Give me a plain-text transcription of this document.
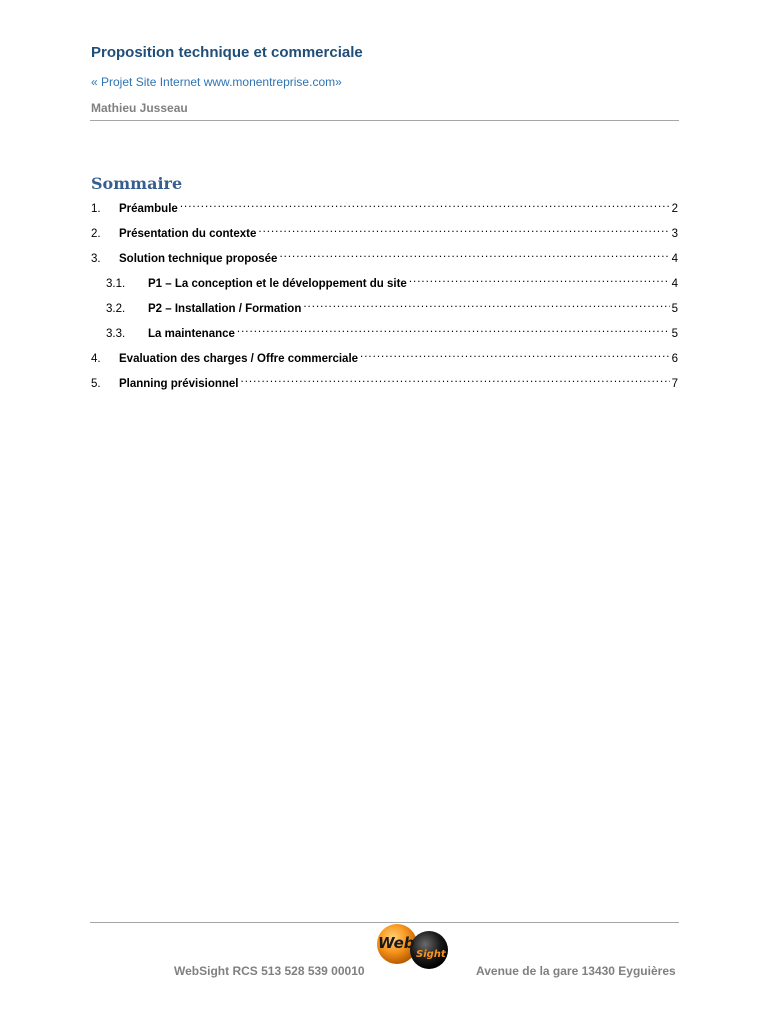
Proposition technique et commerciale
« Projet Site Internet www.monentreprise.com»
Mathieu Jusseau
Sommaire
1.	Préambule .....	2
2.	Présentation du contexte .....	3
3.	Solution technique proposée .....	4
3.1.	P1 – La conception et le développement du site .....	4
3.2.	P2 – Installation / Formation .....	5
3.3.	La maintenance .....	5
4.	Evaluation des charges / Offre commerciale .....	6
5.	Planning prévisionnel .....	7
Web
Sight
WebSight RCS 513 528 539 00010	Avenue de la gare 13430 Eyguières
